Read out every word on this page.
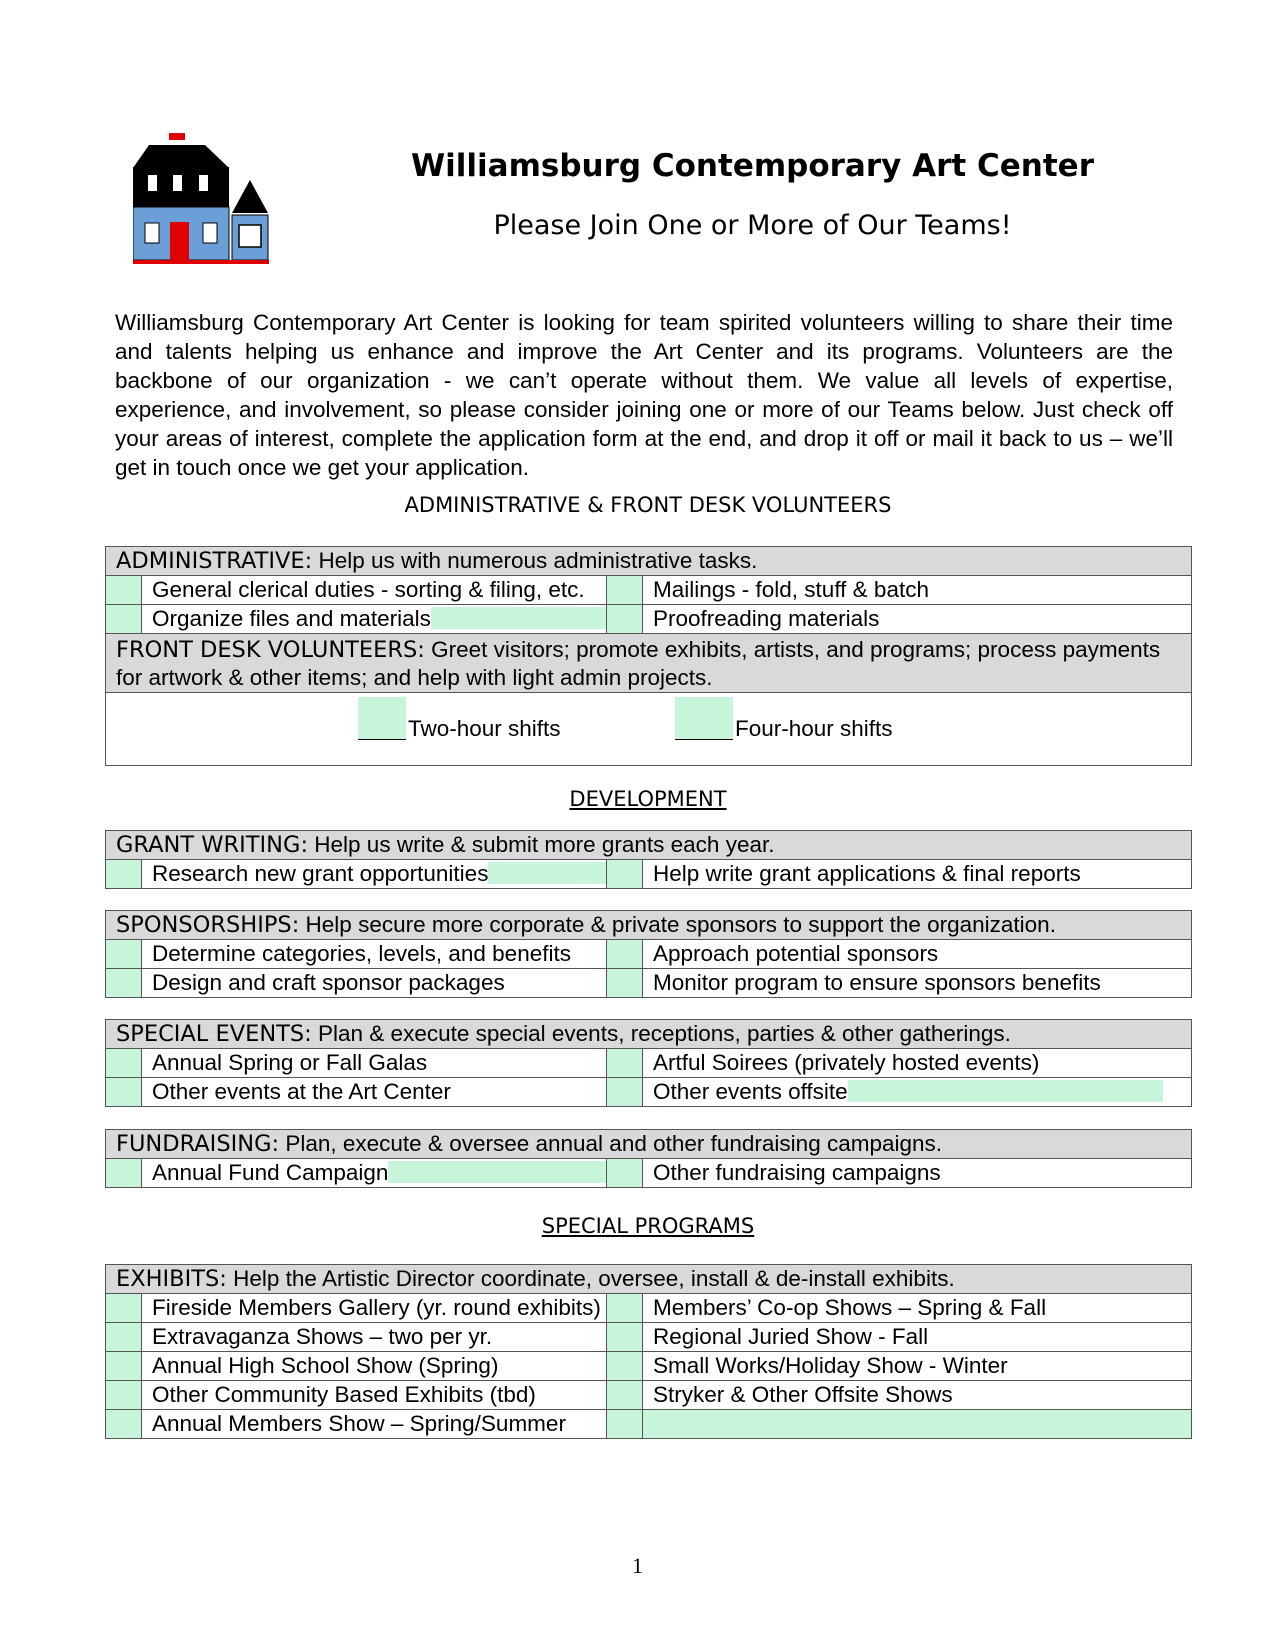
Williamsburg Contemporary Art Center
Please Join One or More of Our Teams!

Williamsburg Contemporary Art Center is looking for team spirited volunteers willing to share their time and talents helping us enhance and improve the Art Center and its programs. Volunteers are the backbone of our organization - we can’t operate without them. We value all levels of expertise, experience, and involvement, so please consider joining one or more of our Teams below. Just check off your areas of interest, complete the application form at the end, and drop it off or mail it back to us – we’ll get in touch once we get your application.

ADMINISTRATIVE & FRONT DESK VOLUNTEERS
ADMINISTRATIVE: Help us with numerous administrative tasks.			
	General clerical duties - sorting & filing, etc.		Mailings - fold, stuff & batch
	Organize files and materials		Proofreading materials
FRONT DESK VOLUNTEERS: Greet visitors; promote exhibits, artists, and programs; process payments for artwork & other items; and help with light admin projects.			

Two-hour shifts Four-hour shifts			
DEVELOPMENT
GRANT WRITING: Help us write & submit more grants each year.
	Research new grant opportunities		Help write grant applications & final reports
SPONSORSHIPS: Help secure more corporate & private sponsors to support the organization.			
	Determine categories, levels, and benefits		Approach potential sponsors
	Design and craft sponsor packages		Monitor program to ensure sponsors benefits
SPECIAL EVENTS: Plan & execute special events, receptions, parties & other gatherings.			
	Annual Spring or Fall Galas		Artful Soirees (privately hosted events)
	Other events at the Art Center		Other events offsite
FUNDRAISING: Plan, execute & oversee annual and other fundraising campaigns.
	Annual Fund Campaign		Other fundraising campaigns
SPECIAL PROGRAMS
EXHIBITS: Help the Artistic Director coordinate, oversee, install & de-install exhibits.			
	Fireside Members Gallery (yr. round exhibits)		Members’ Co-op Shows – Spring & Fall
	Extravaganza Shows – two per yr.		Regional Juried Show - Fall
	Annual High School Show (Spring)		Small Works/Holiday Show - Winter
	Other Community Based Exhibits (tbd)		Stryker & Other Offsite Shows
	Annual Members Show – Spring/Summer		
1
